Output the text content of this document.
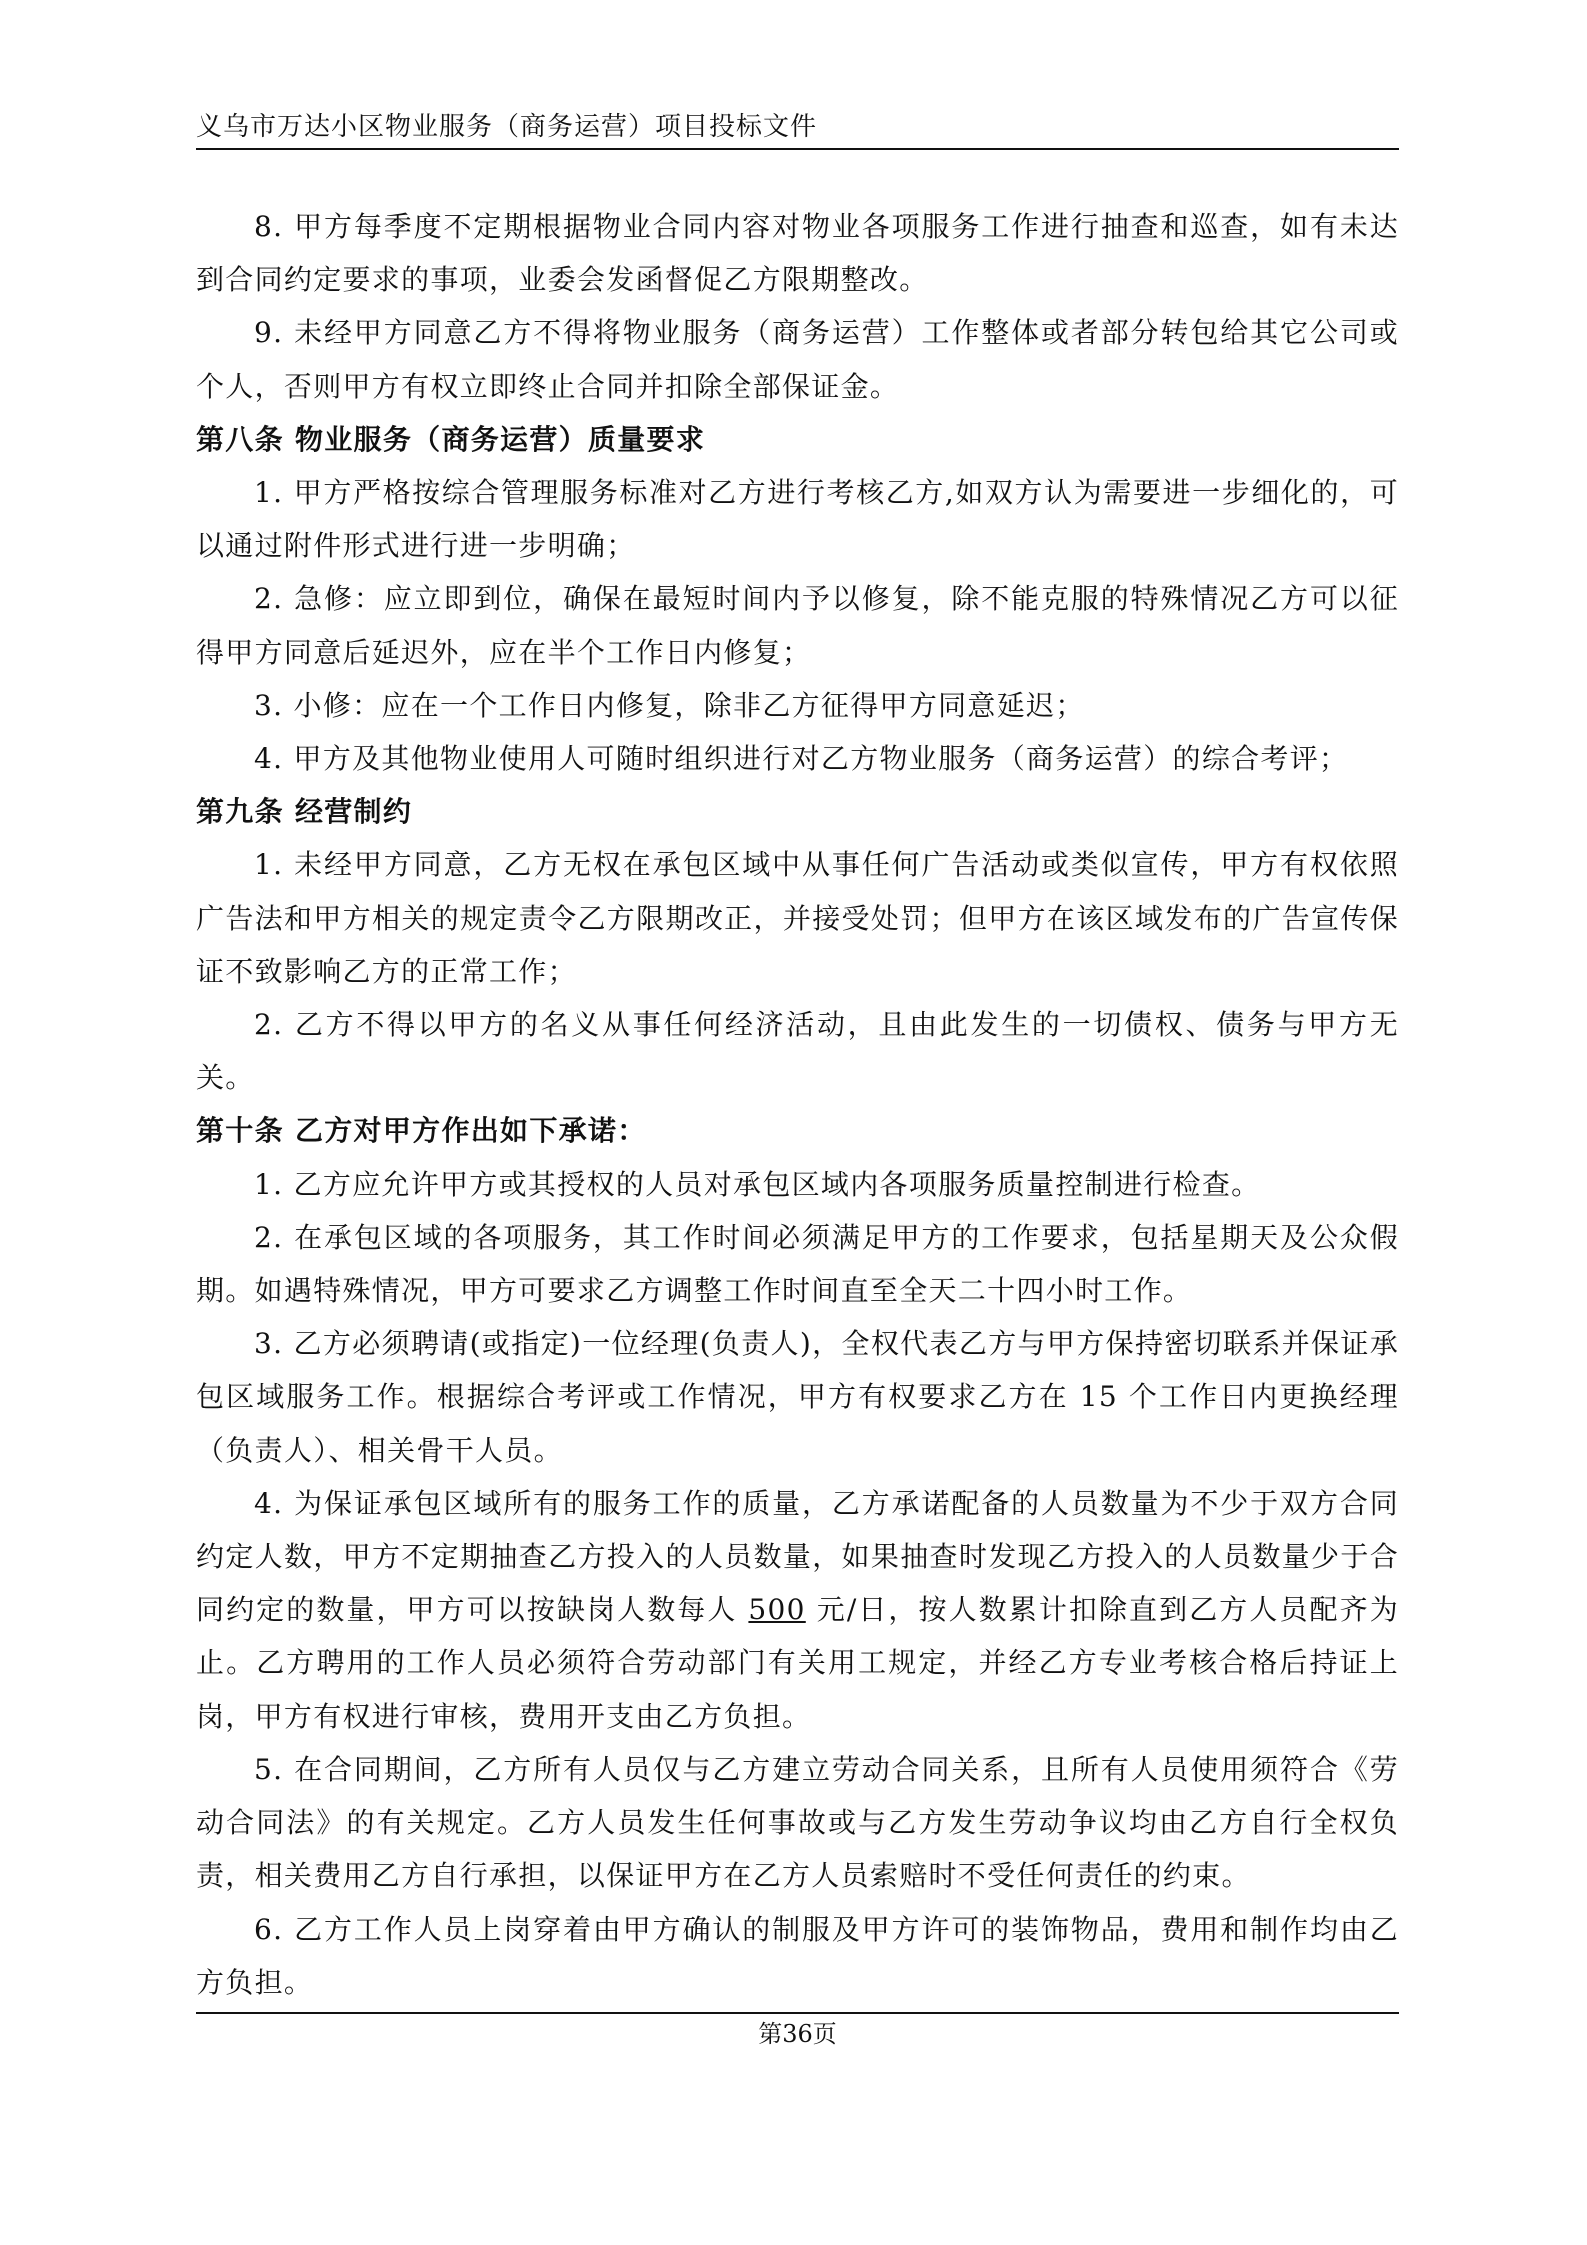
义乌市万达小区物业服务（商务运营）项目投标文件

8. 甲方每季度不定期根据物业合同内容对物业各项服务工作进行抽查和巡查，如有未达到合同约定要求的事项，业委会发函督促乙方限期整改。

9. 未经甲方同意乙方不得将物业服务（商务运营）工作整体或者部分转包给其它公司或个人，否则甲方有权立即终止合同并扣除全部保证金。

第八条 物业服务（商务运营）质量要求

1. 甲方严格按综合管理服务标准对乙方进行考核乙方,如双方认为需要进一步细化的，可以通过附件形式进行进一步明确；

2. 急修：应立即到位，确保在最短时间内予以修复，除不能克服的特殊情况乙方可以征得甲方同意后延迟外，应在半个工作日内修复；

3. 小修：应在一个工作日内修复，除非乙方征得甲方同意延迟；

4. 甲方及其他物业使用人可随时组织进行对乙方物业服务（商务运营）的综合考评；

第九条 经营制约

1. 未经甲方同意，乙方无权在承包区域中从事任何广告活动或类似宣传，甲方有权依照广告法和甲方相关的规定责令乙方限期改正，并接受处罚；但甲方在该区域发布的广告宣传保证不致影响乙方的正常工作；

2. 乙方不得以甲方的名义从事任何经济活动，且由此发生的一切债权、债务与甲方无关。

第十条 乙方对甲方作出如下承诺：

1. 乙方应允许甲方或其授权的人员对承包区域内各项服务质量控制进行检查。

2. 在承包区域的各项服务，其工作时间必须满足甲方的工作要求，包括星期天及公众假期。如遇特殊情况，甲方可要求乙方调整工作时间直至全天二十四小时工作。

3. 乙方必须聘请(或指定)一位经理(负责人)，全权代表乙方与甲方保持密切联系并保证承包区域服务工作。根据综合考评或工作情况，甲方有权要求乙方在 15 个工作日内更换经理（负责人）、相关骨干人员。

4. 为保证承包区域所有的服务工作的质量，乙方承诺配备的人员数量为不少于双方合同约定人数，甲方不定期抽查乙方投入的人员数量，如果抽查时发现乙方投入的人员数量少于合同约定的数量，甲方可以按缺岗人数每人 500 元/日，按人数累计扣除直到乙方人员配齐为止。乙方聘用的工作人员必须符合劳动部门有关用工规定，并经乙方专业考核合格后持证上岗，甲方有权进行审核，费用开支由乙方负担。

5. 在合同期间，乙方所有人员仅与乙方建立劳动合同关系，且所有人员使用须符合《劳动合同法》的有关规定。乙方人员发生任何事故或与乙方发生劳动争议均由乙方自行全权负责，相关费用乙方自行承担，以保证甲方在乙方人员索赔时不受任何责任的约束。

6. 乙方工作人员上岗穿着由甲方确认的制服及甲方许可的装饰物品，费用和制作均由乙方负担。

第36页
